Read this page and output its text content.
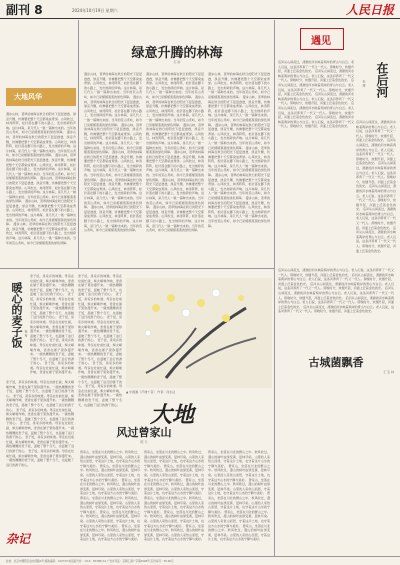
副刊 8	2024年10月19日 星期六	人民日报
大地风华
漫步山林，苍翠的林海在秋日的阳光下层层叠叠，绿意升腾，仿佛要把整个天空都染成青绿。山风吹过，林涛阵阵，松针落在脚下的小路上，发出细碎的声响。这片林海，是几代人一锹一镐种出来的。当年的荒山秃岭，如今已是郁郁葱葱的绿色屏障。 漫步山林，苍翠的林海在秋日的阳光下层层叠叠，绿意升腾，仿佛要把整个天空都染成青绿。山风吹过，林涛阵阵，松针落在脚下的小路上，发出细碎的声响。这片林海，是几代人一锹一镐种出来的。当年的荒山秃岭，如今已是郁郁葱葱的绿色屏障。 漫步山林，苍翠的林海在秋日的阳光下层层叠叠，绿意升腾，仿佛要把整个天空都染成青绿。山风吹过，林涛阵阵，松针落在脚下的小路上，发出细碎的声响。这片林海，是几代人一锹一镐种出来的。当年的荒山秃岭，如今已是郁郁葱葱的绿色屏障。 漫步山林，苍翠的林海在秋日的阳光下层层叠叠，绿意升腾，仿佛要把整个天空都染成青绿。山风吹过，林涛阵阵，松针落在脚下的小路上，发出细碎的声响。这片林海，是几代人一锹一镐种出来的。当年的荒山秃岭，如今已是郁郁葱葱的绿色屏障。 漫步山林，苍翠的林海在秋日的阳光下层层叠叠，绿意升腾，仿佛要把整个天空都染成青绿。山风吹过，林涛阵阵，松针落在脚下的小路上，发出细碎的声响。这片林海，是几代人一锹一镐种出来的。当年的荒山秃岭，如今已是郁郁葱葱的绿色屏障。 漫步山林，苍翠的林海在秋日的阳光下层层叠叠，绿意升腾，仿佛要把整个天空都染成青绿。山风吹过，林涛阵阵，松针落在脚下的小路上，发出细碎的声响。这片林海，是几代人一锹一镐种出来的。当年的荒山秃岭，如今已是郁郁葱葱的绿色屏障。
绿意升腾的林海
石 砂
漫步山林，苍翠的林海在秋日的阳光下层层叠叠，绿意升腾，仿佛要把整个天空都染成青绿。山风吹过，林涛阵阵，松针落在脚下的小路上，发出细碎的声响。这片林海，是几代人一锹一镐种出来的。当年的荒山秃岭，如今已是郁郁葱葱的绿色屏障。 漫步山林，苍翠的林海在秋日的阳光下层层叠叠，绿意升腾，仿佛要把整个天空都染成青绿。山风吹过，林涛阵阵，松针落在脚下的小路上，发出细碎的声响。这片林海，是几代人一锹一镐种出来的。当年的荒山秃岭，如今已是郁郁葱葱的绿色屏障。 漫步山林，苍翠的林海在秋日的阳光下层层叠叠，绿意升腾，仿佛要把整个天空都染成青绿。山风吹过，林涛阵阵，松针落在脚下的小路上，发出细碎的声响。这片林海，是几代人一锹一镐种出来的。当年的荒山秃岭，如今已是郁郁葱葱的绿色屏障。 漫步山林，苍翠的林海在秋日的阳光下层层叠叠，绿意升腾，仿佛要把整个天空都染成青绿。山风吹过，林涛阵阵，松针落在脚下的小路上，发出细碎的声响。这片林海，是几代人一锹一镐种出来的。当年的荒山秃岭，如今已是郁郁葱葱的绿色屏障。 漫步山林，苍翠的林海在秋日的阳光下层层叠叠，绿意升腾，仿佛要把整个天空都染成青绿。山风吹过，林涛阵阵，松针落在脚下的小路上，发出细碎的声响。这片林海，是几代人一锹一镐种出来的。当年的荒山秃岭，如今已是郁郁葱葱的绿色屏障。 漫步山林，苍翠的林海在秋日的阳光下层层叠叠，绿意升腾，仿佛要把整个天空都染成青绿。山风吹过，林涛阵阵，松针落在脚下的小路上，发出细碎的声响。这片林海，是几代人一锹一镐种出来的。当年的荒山秃岭，如今已是郁郁葱葱的绿色屏障。
漫步山林，苍翠的林海在秋日的阳光下层层叠叠，绿意升腾，仿佛要把整个天空都染成青绿。山风吹过，林涛阵阵，松针落在脚下的小路上，发出细碎的声响。这片林海，是几代人一锹一镐种出来的。当年的荒山秃岭，如今已是郁郁葱葱的绿色屏障。 漫步山林，苍翠的林海在秋日的阳光下层层叠叠，绿意升腾，仿佛要把整个天空都染成青绿。山风吹过，林涛阵阵，松针落在脚下的小路上，发出细碎的声响。这片林海，是几代人一锹一镐种出来的。当年的荒山秃岭，如今已是郁郁葱葱的绿色屏障。 漫步山林，苍翠的林海在秋日的阳光下层层叠叠，绿意升腾，仿佛要把整个天空都染成青绿。山风吹过，林涛阵阵，松针落在脚下的小路上，发出细碎的声响。这片林海，是几代人一锹一镐种出来的。当年的荒山秃岭，如今已是郁郁葱葱的绿色屏障。 漫步山林，苍翠的林海在秋日的阳光下层层叠叠，绿意升腾，仿佛要把整个天空都染成青绿。山风吹过，林涛阵阵，松针落在脚下的小路上，发出细碎的声响。这片林海，是几代人一锹一镐种出来的。当年的荒山秃岭，如今已是郁郁葱葱的绿色屏障。 漫步山林，苍翠的林海在秋日的阳光下层层叠叠，绿意升腾，仿佛要把整个天空都染成青绿。山风吹过，林涛阵阵，松针落在脚下的小路上，发出细碎的声响。这片林海，是几代人一锹一镐种出来的。当年的荒山秃岭，如今已是郁郁葱葱的绿色屏障。 漫步山林，苍翠的林海在秋日的阳光下层层叠叠，绿意升腾，仿佛要把整个天空都染成青绿。山风吹过，林涛阵阵，松针落在脚下的小路上，发出细碎的声响。这片林海，是几代人一锹一镐种出来的。当年的荒山秃岭，如今已是郁郁葱葱的绿色屏障。
漫步山林，苍翠的林海在秋日的阳光下层层叠叠，绿意升腾，仿佛要把整个天空都染成青绿。山风吹过，林涛阵阵，松针落在脚下的小路上，发出细碎的声响。这片林海，是几代人一锹一镐种出来的。当年的荒山秃岭，如今已是郁郁葱葱的绿色屏障。 漫步山林，苍翠的林海在秋日的阳光下层层叠叠，绿意升腾，仿佛要把整个天空都染成青绿。山风吹过，林涛阵阵，松针落在脚下的小路上，发出细碎的声响。这片林海，是几代人一锹一镐种出来的。当年的荒山秃岭，如今已是郁郁葱葱的绿色屏障。 漫步山林，苍翠的林海在秋日的阳光下层层叠叠，绿意升腾，仿佛要把整个天空都染成青绿。山风吹过，林涛阵阵，松针落在脚下的小路上，发出细碎的声响。这片林海，是几代人一锹一镐种出来的。当年的荒山秃岭，如今已是郁郁葱葱的绿色屏障。 漫步山林，苍翠的林海在秋日的阳光下层层叠叠，绿意升腾，仿佛要把整个天空都染成青绿。山风吹过，林涛阵阵，松针落在脚下的小路上，发出细碎的声响。这片林海，是几代人一锹一镐种出来的。当年的荒山秃岭，如今已是郁郁葱葱的绿色屏障。 漫步山林，苍翠的林海在秋日的阳光下层层叠叠，绿意升腾，仿佛要把整个天空都染成青绿。山风吹过，林涛阵阵，松针落在脚下的小路上，发出细碎的声响。这片林海，是几代人一锹一镐种出来的。当年的荒山秃岭，如今已是郁郁葱葱的绿色屏障。 漫步山林，苍翠的林海在秋日的阳光下层层叠叠，绿意升腾，仿佛要把整个天空都染成青绿。山风吹过，林涛阵阵，松针落在脚下的小路上，发出细碎的声响。这片林海，是几代人一锹一镐种出来的。当年的荒山秃岭，如今已是郁郁葱葱的绿色屏障。
遇见
在后河
朱 健
后河从山间流过，清澈的河水映着两岸的青山与白云。老人们说，这条河养育了一代又一代人。傍晚时分，炊烟升起，河面上泛着金色的光。 后河从山间流过，清澈的河水映着两岸的青山与白云。老人们说，这条河养育了一代又一代人。傍晚时分，炊烟升起，河面上泛着金色的光。 后河从山间流过，清澈的河水映着两岸的青山与白云。老人们说，这条河养育了一代又一代人。傍晚时分，炊烟升起，河面上泛着金色的光。 后河从山间流过，清澈的河水映着两岸的青山与白云。老人们说，这条河养育了一代又一代人。傍晚时分，炊烟升起，河面上泛着金色的光。 后河从山间流过，清澈的河水映着两岸的青山与白云。老人们说，这条河养育了一代又一代人。傍晚时分，炊烟升起，河面上泛着金色的光。 后河从山间流过，清澈的河水映着两岸的青山与白云。老人们说，这条河养育了一代又一代人。傍晚时分，炊烟升起，河面上泛着金色的光。
后河从山间流过，清澈的河水映着两岸的青山与白云。老人们说，这条河养育了一代又一代人。傍晚时分，炊烟升起，河面上泛着金色的光。 后河从山间流过，清澈的河水映着两岸的青山与白云。老人们说，这条河养育了一代又一代人。傍晚时分，炊烟升起，河面上泛着金色的光。 后河从山间流过，清澈的河水映着两岸的青山与白云。老人们说，这条河养育了一代又一代人。傍晚时分，炊烟升起，河面上泛着金色的光。 后河从山间流过，清澈的河水映着两岸的青山与白云。老人们说，这条河养育了一代又一代人。傍晚时分，炊烟升起，河面上泛着金色的光。 后河从山间流过，清澈的河水映着两岸的青山与白云。老人们说，这条河养育了一代又一代人。傍晚时分，炊烟升起，河面上泛着金色的光。 后河从山间流过，清澈的河水映着两岸的青山与白云。老人们说，这条河养育了一代又一代人。傍晚时分，炊烟升起，河面上泛着金色的光。
后河从山间流过，清澈的河水映着两岸的青山与白云。老人们说，这条河养育了一代又一代人。傍晚时分，炊烟升起，河面上泛着金色的光。 后河从山间流过，清澈的河水映着两岸的青山与白云。老人们说，这条河养育了一代又一代人。傍晚时分，炊烟升起，河面上泛着金色的光。 后河从山间流过，清澈的河水映着两岸的青山与白云。老人们说，这条河养育了一代又一代人。傍晚时分，炊烟升起，河面上泛着金色的光。 后河从山间流过，清澈的河水映着两岸的青山与白云。老人们说，这条河养育了一代又一代人。傍晚时分，炊烟升起，河面上泛着金色的光。 后河从山间流过，清澈的河水映着两岸的青山与白云。老人们说，这条河养育了一代又一代人。傍晚时分，炊烟升起，河面上泛着金色的光。 后河从山间流过，清澈的河水映着两岸的青山与白云。老人们说，这条河养育了一代又一代人。傍晚时分，炊烟升起，河面上泛着金色的光。
▲ 中国画《芦塘十景》 作者：何水法
暖心的麦子饭 杨 希
麦子饭，是家乡的味道。母亲在灶前忙碌，柴火噼啪作响，麦香在屋子里弥漫开来。一碗热腾腾的麦子饭，温暖了整个冬天，也温暖了远行的游子的心。 麦子饭，是家乡的味道。母亲在灶前忙碌，柴火噼啪作响，麦香在屋子里弥漫开来。一碗热腾腾的麦子饭，温暖了整个冬天，也温暖了远行的游子的心。 麦子饭，是家乡的味道。母亲在灶前忙碌，柴火噼啪作响，麦香在屋子里弥漫开来。一碗热腾腾的麦子饭，温暖了整个冬天，也温暖了远行的游子的心。 麦子饭，是家乡的味道。母亲在灶前忙碌，柴火噼啪作响，麦香在屋子里弥漫开来。一碗热腾腾的麦子饭，温暖了整个冬天，也温暖了远行的游子的心。 麦子饭，是家乡的味道。母亲在灶前忙碌，柴火噼啪作响，麦香在屋子里弥漫开来。
麦子饭，是家乡的味道。母亲在灶前忙碌，柴火噼啪作响，麦香在屋子里弥漫开来。一碗热腾腾的麦子饭，温暖了整个冬天，也温暖了远行的游子的心。 麦子饭，是家乡的味道。母亲在灶前忙碌，柴火噼啪作响，麦香在屋子里弥漫开来。一碗热腾腾的麦子饭，温暖了整个冬天，也温暖了远行的游子的心。 麦子饭，是家乡的味道。母亲在灶前忙碌，柴火噼啪作响，麦香在屋子里弥漫开来。一碗热腾腾的麦子饭，温暖了整个冬天，也温暖了远行的游子的心。 麦子饭，是家乡的味道。母亲在灶前忙碌，柴火噼啪作响，麦香在屋子里弥漫开来。一碗热腾腾的麦子饭，温暖了整个冬天，也温暖了远行的游子的心。 麦子饭，是家乡的味道。母亲在灶前忙碌，柴火噼啪作响，麦香在屋子里弥漫开来。一碗热腾腾的麦子饭，温暖了整个冬天，也温暖了远行的游子的心。 麦子饭，是家乡的味道。母亲在灶前忙碌，柴火噼啪作响，麦香在屋子里弥漫开来。一碗热腾腾的麦子饭，温暖了整个冬天，也温暖了远行的游子的心。
麦子饭，是家乡的味道。母亲在灶前忙碌，柴火噼啪作响，麦香在屋子里弥漫开来。一碗热腾腾的麦子饭，温暖了整个冬天，也温暖了远行的游子的心。 麦子饭，是家乡的味道。母亲在灶前忙碌，柴火噼啪作响，麦香在屋子里弥漫开来。一碗热腾腾的麦子饭，温暖了整个冬天，也温暖了远行的游子的心。 麦子饭，是家乡的味道。母亲在灶前忙碌，柴火噼啪作响，麦香在屋子里弥漫开来。一碗热腾腾的麦子饭，温暖了整个冬天，也温暖了远行的游子的心。 麦子饭，是家乡的味道。母亲在灶前忙碌，柴火噼啪作响，麦香在屋子里弥漫开来。一碗热腾腾的麦子饭，温暖了整个冬天，也温暖了远行的游子的心。 麦子饭，是家乡的味道。母亲在灶前忙碌，柴火噼啪作响，麦香在屋子里弥漫开来。一碗热腾腾的麦子饭，温暖了整个冬天，也温暖了远行的游子的心。 麦子饭，是家乡的味道。母亲在灶前忙碌，柴火噼啪作响，麦香在屋子里弥漫开来。一碗热腾腾的麦子饭，温暖了整个冬天，也温暖了远行的游子的心。
大地
风过曾家山
陈 天
曾家山，坐落在川北的群山之中。秋风吹过，漫山的树叶由绿变黄，层林尽染。山里的人家依山而居，守着这片土地，也守着这方山水的宁静与美好。 曾家山，坐落在川北的群山之中。秋风吹过，漫山的树叶由绿变黄，层林尽染。山里的人家依山而居，守着这片土地，也守着这方山水的宁静与美好。 曾家山，坐落在川北的群山之中。秋风吹过，漫山的树叶由绿变黄，层林尽染。山里的人家依山而居，守着这片土地，也守着这方山水的宁静与美好。 曾家山，坐落在川北的群山之中。秋风吹过，漫山的树叶由绿变黄，层林尽染。山里的人家依山而居，守着这片土地，也守着这方山水的宁静与美好。 曾家山，坐落在川北的群山之中。秋风吹过，漫山的树叶由绿变黄，层林尽染。山里的人家依山而居，守着这片土地，也守着这方山水的宁静与美好。 曾家山，坐落在川北的群山之中。秋风吹过，漫山的树叶由绿变黄，层林尽染。山里的人家依山而居，守着这片土地，也守着这方山水的宁静与美好。
曾家山，坐落在川北的群山之中。秋风吹过，漫山的树叶由绿变黄，层林尽染。山里的人家依山而居，守着这片土地，也守着这方山水的宁静与美好。 曾家山，坐落在川北的群山之中。秋风吹过，漫山的树叶由绿变黄，层林尽染。山里的人家依山而居，守着这片土地，也守着这方山水的宁静与美好。 曾家山，坐落在川北的群山之中。秋风吹过，漫山的树叶由绿变黄，层林尽染。山里的人家依山而居，守着这片土地，也守着这方山水的宁静与美好。 曾家山，坐落在川北的群山之中。秋风吹过，漫山的树叶由绿变黄，层林尽染。山里的人家依山而居，守着这片土地，也守着这方山水的宁静与美好。 曾家山，坐落在川北的群山之中。秋风吹过，漫山的树叶由绿变黄，层林尽染。山里的人家依山而居，守着这片土地，也守着这方山水的宁静与美好。 曾家山，坐落在川北的群山之中。秋风吹过，漫山的树叶由绿变黄，层林尽染。山里的人家依山而居，守着这片土地，也守着这方山水的宁静与美好。
曾家山，坐落在川北的群山之中。秋风吹过，漫山的树叶由绿变黄，层林尽染。山里的人家依山而居，守着这片土地，也守着这方山水的宁静与美好。 曾家山，坐落在川北的群山之中。秋风吹过，漫山的树叶由绿变黄，层林尽染。山里的人家依山而居，守着这片土地，也守着这方山水的宁静与美好。 曾家山，坐落在川北的群山之中。秋风吹过，漫山的树叶由绿变黄，层林尽染。山里的人家依山而居，守着这片土地，也守着这方山水的宁静与美好。 曾家山，坐落在川北的群山之中。秋风吹过，漫山的树叶由绿变黄，层林尽染。山里的人家依山而居，守着这片土地，也守着这方山水的宁静与美好。 曾家山，坐落在川北的群山之中。秋风吹过，漫山的树叶由绿变黄，层林尽染。山里的人家依山而居，守着这片土地，也守着这方山水的宁静与美好。 曾家山，坐落在川北的群山之中。秋风吹过，漫山的树叶由绿变黄，层林尽染。山里的人家依山而居，守着这片土地，也守着这方山水的宁静与美好。
古城菌飘香
王 宝 林
杂记
社址：北京市朝阳区金台西路2号 邮政编码：100733 电话查号台：（010）65368114 广告许可证：京朝工商广字第0098号 定价每月：36.00元
